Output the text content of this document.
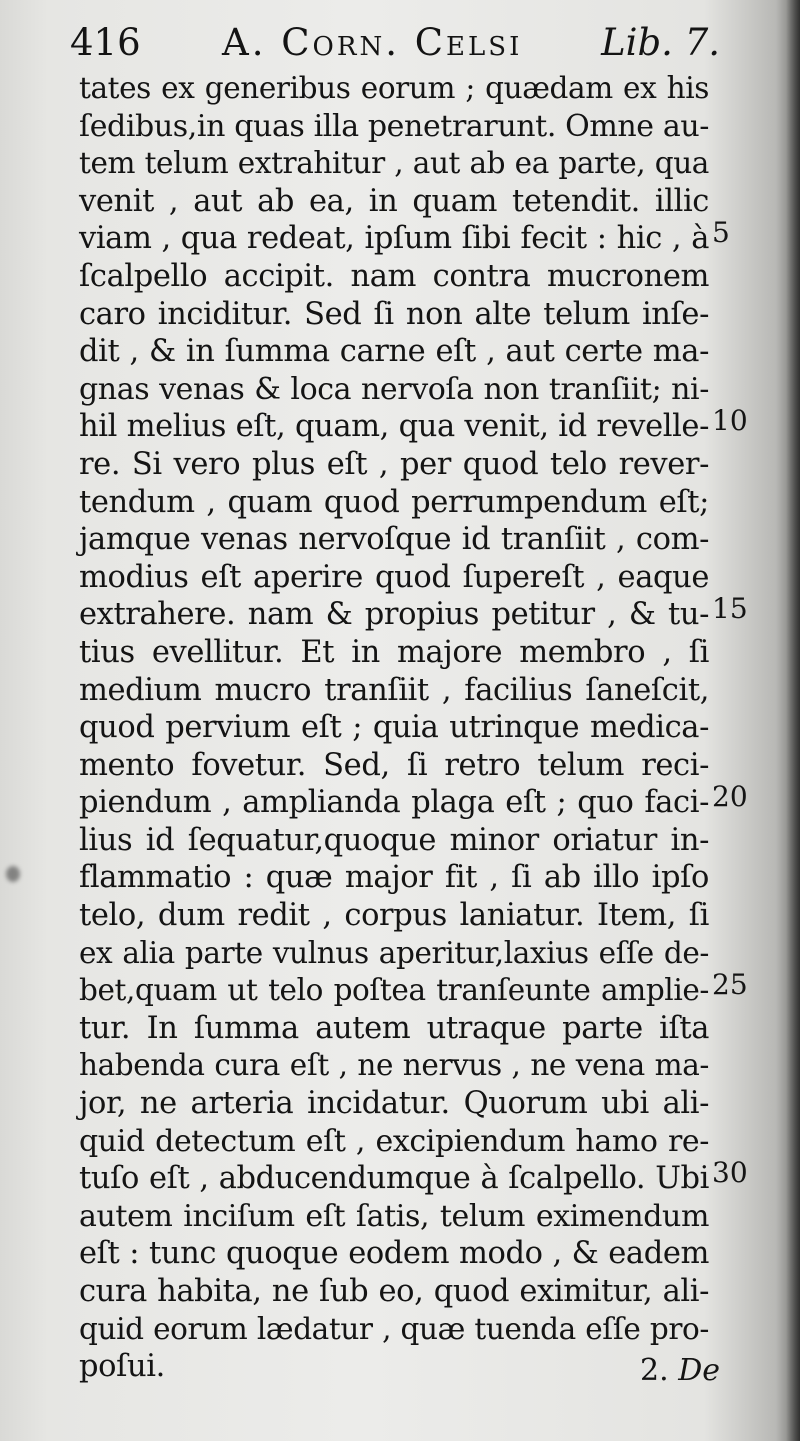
416 A. Corn. Celsi Lib. 7.
tates ex generibus eorum ; quædam ex his
ſedibus,in quas illa penetrarunt. Omne au-
tem telum extrahitur , aut ab ea parte, qua
venit , aut ab ea, in quam tetendit. illic
viam , qua redeat, ipſum ſibi fecit : hic , à
ſcalpello accipit. nam contra mucronem
caro inciditur. Sed ſi non alte telum inſe-
dit , & in ſumma carne eſt , aut certe ma-
gnas venas & loca nervoſa non tranſiit; ni-
hil melius eſt, quam, qua venit, id revelle-
re. Si vero plus eſt , per quod telo rever-
tendum , quam quod perrumpendum eſt;
jamque venas nervoſque id tranſiit , com-
modius eſt aperire quod ſupereſt , eaque
extrahere. nam & propius petitur , & tu-
tius evellitur. Et in majore membro , ſi
medium mucro tranſiit , facilius ſaneſcit,
quod pervium eſt ; quia utrinque medica-
mento fovetur. Sed, ſi retro telum reci-
piendum , amplianda plaga eſt ; quo faci-
lius id ſequatur,quoque minor oriatur in-
flammatio : quæ major fit , ſi ab illo ipſo
telo, dum redit , corpus laniatur. Item, ſi
ex alia parte vulnus aperitur,laxius eſſe de-
bet,quam ut telo poſtea tranſeunte amplie-
tur. In ſumma autem utraque parte iſta
habenda cura eſt , ne nervus , ne vena ma-
jor, ne arteria incidatur. Quorum ubi ali-
quid detectum eſt , excipiendum hamo re-
tuſo eſt , abducendumque à ſcalpello. Ubi
autem inciſum eſt ſatis, telum eximendum
eſt : tunc quoque eodem modo , & eadem
cura habita, ne ſub eo, quod eximitur, ali-
quid eorum lædatur , quæ tuenda eſſe pro-
poſui.
5
10
15
20
25
30
2. De
